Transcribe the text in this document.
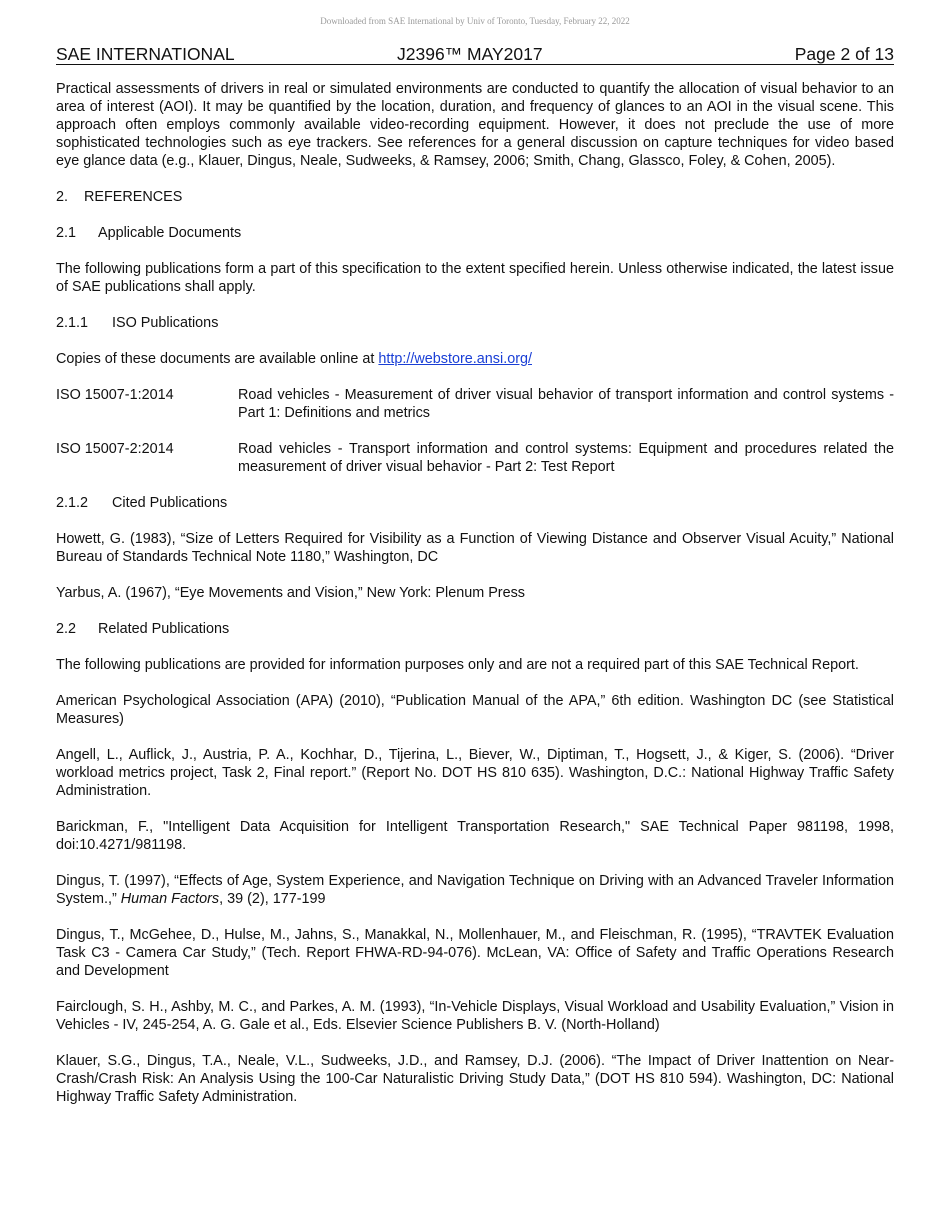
Downloaded from SAE International by Univ of Toronto, Tuesday, February 22, 2022
SAE INTERNATIONAL	J2396™ MAY2017	Page 2 of 13

Practical assessments of drivers in real or simulated environments are conducted to quantify the allocation of visual behavior to an area of interest (AOI). It may be quantified by the location, duration, and frequency of glances to an AOI in the visual scene. This approach often employs commonly available video-recording equipment. However, it does not preclude the use of more sophisticated technologies such as eye trackers. See references for a general discussion on capture techniques for video based eye glance data (e.g., Klauer, Dingus, Neale, Sudweeks, & Ramsey, 2006; Smith, Chang, Glassco, Foley, & Cohen, 2005).

2. REFERENCES
2.1 Applicable Documents

The following publications form a part of this specification to the extent specified herein. Unless otherwise indicated, the latest issue of SAE publications shall apply.

2.1.1 ISO Publications

Copies of these documents are available online at http://webstore.ansi.org/

ISO 15007-1:2014	Road vehicles - Measurement of driver visual behavior of transport information and control systems - Part 1: Definitions and metrics
ISO 15007-2:2014	Road vehicles - Transport information and control systems: Equipment and procedures related the measurement of driver visual behavior - Part 2: Test Report
2.1.2 Cited Publications

Howett, G. (1983), “Size of Letters Required for Visibility as a Function of Viewing Distance and Observer Visual Acuity,” National Bureau of Standards Technical Note 1180,” Washington, DC

Yarbus, A. (1967), “Eye Movements and Vision,” New York: Plenum Press

2.2 Related Publications

The following publications are provided for information purposes only and are not a required part of this SAE Technical Report.

American Psychological Association (APA) (2010), “Publication Manual of the APA,” 6th edition. Washington DC (see Statistical Measures)

Angell, L., Auflick, J., Austria, P. A., Kochhar, D., Tijerina, L., Biever, W., Diptiman, T., Hogsett, J., & Kiger, S. (2006). “Driver workload metrics project, Task 2, Final report.” (Report No. DOT HS 810 635). Washington, D.C.: National Highway Traffic Safety Administration.

Barickman, F., "Intelligent Data Acquisition for Intelligent Transportation Research," SAE Technical Paper 981198, 1998, doi:10.4271/981198.

Dingus, T. (1997), “Effects of Age, System Experience, and Navigation Technique on Driving with an Advanced Traveler Information System.,” Human Factors, 39 (2), 177-199

Dingus, T., McGehee, D., Hulse, M., Jahns, S., Manakkal, N., Mollenhauer, M., and Fleischman, R. (1995), “TRAVTEK Evaluation Task C3 - Camera Car Study,” (Tech. Report FHWA-RD-94-076). McLean, VA: Office of Safety and Traffic Operations Research and Development

Fairclough, S. H., Ashby, M. C., and Parkes, A. M. (1993), “In-Vehicle Displays, Visual Workload and Usability Evaluation,” Vision in Vehicles - IV, 245-254, A. G. Gale et al., Eds. Elsevier Science Publishers B. V. (North-Holland)

Klauer, S.G., Dingus, T.A., Neale, V.L., Sudweeks, J.D., and Ramsey, D.J. (2006). “The Impact of Driver Inattention on Near-Crash/Crash Risk: An Analysis Using the 100-Car Naturalistic Driving Study Data,” (DOT HS 810 594). Washington, DC: National Highway Traffic Safety Administration.
